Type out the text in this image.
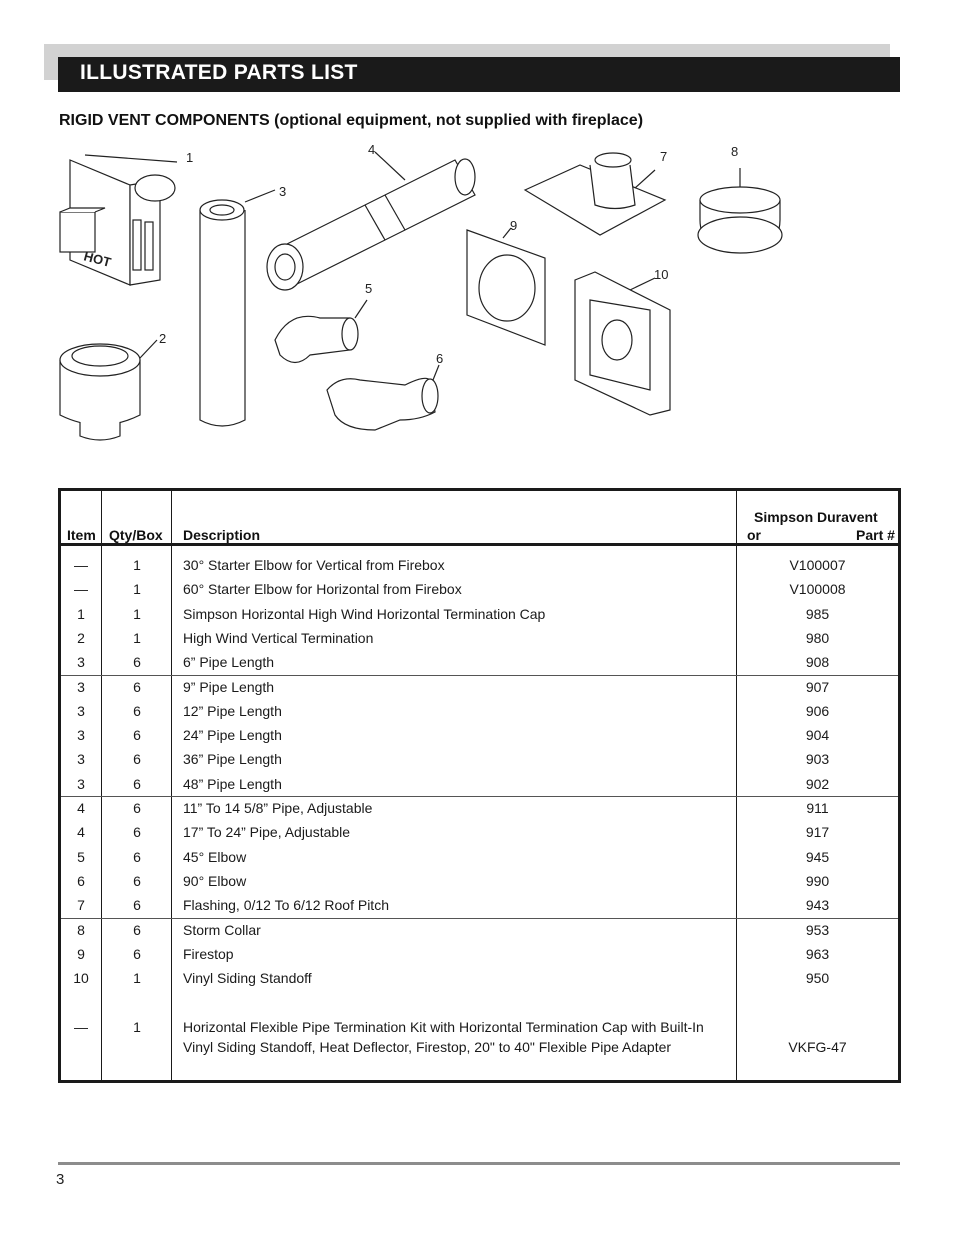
ILLUSTRATED PARTS LIST
RIGID VENT COMPONENTS (optional equipment, not supplied with fireplace)
HOT
1
2
3
4
5
6
7	8
9
10
Item Qty/Box Description
Simpson Duravent
or	Part #
—	1	30° Starter Elbow for Vertical from Firebox	V100007
—	1	60° Starter Elbow for Horizontal from Firebox	V100008
1	1	Simpson Horizontal High Wind Horizontal Termination Cap	985
2	1	High Wind Vertical Termination	980
3	6	6” Pipe Length	908
3	6	9” Pipe Length	907
3	6	12” Pipe Length	906
3	6	24” Pipe Length	904
3	6	36” Pipe Length	903
3	6	48” Pipe Length	902
4	6	11” To 14 5/8” Pipe, Adjustable	911
4	6	17” To 24” Pipe, Adjustable	917
5	6	45° Elbow	945
6	6	90° Elbow	990
7	6	Flashing, 0/12 To 6/12 Roof Pitch	943
8	6	Storm Collar	953
9	6	Firestop	963
10	1	Vinyl Siding Standoff	950
—	1	Horizontal Flexible Pipe Termination Kit with Horizontal Termination Cap with Built-In
Vinyl Siding Standoff, Heat Deflector, Firestop, 20" to 40" Flexible Pipe Adapter	VKFG-47
3
